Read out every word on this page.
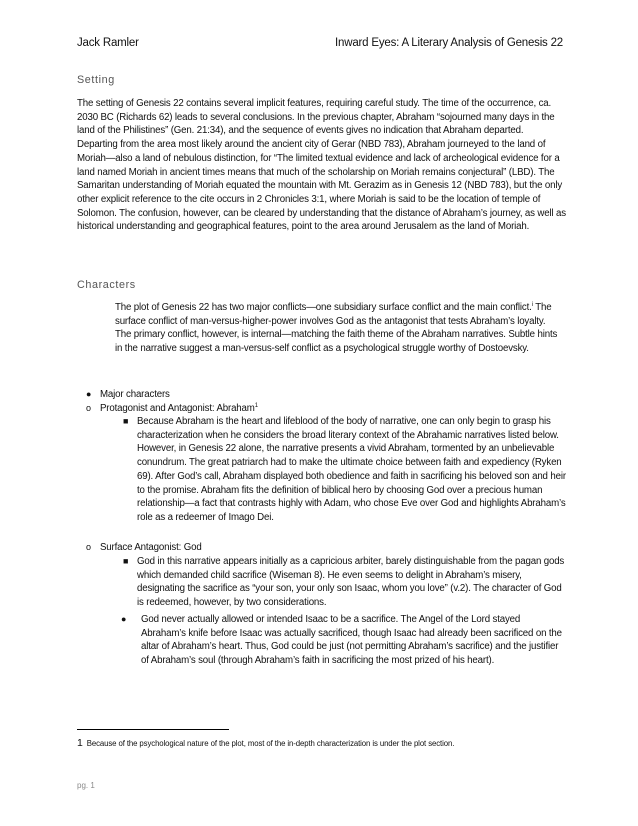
Jack Ramler	Inward Eyes: A Literary Analysis of Genesis 22
Setting
The setting of Genesis 22 contains several implicit features, requiring careful study. The time of the occurrence, ca. 2030 BC (Richards 62) leads to several conclusions. In the previous chapter, Abraham “sojourned many days in the land of the Philistines” (Gen. 21:34), and the sequence of events gives no indication that Abraham departed. Departing from the area most likely around the ancient city of Gerar (NBD 783), Abraham journeyed to the land of Moriah—also a land of nebulous distinction, for “The limited textual evidence and lack of archeological evidence for a land named Moriah in ancient times means that much of the scholarship on Moriah remains conjectural” (LBD). The Samaritan understanding of Moriah equated the mountain with Mt. Gerazim as in Genesis 12 (NBD 783), but the only other explicit reference to the cite occurs in 2 Chronicles 3:1, where Moriah is said to be the location of temple of Solomon. The confusion, however, can be cleared by understanding that the distance of Abraham’s journey, as well as historical understanding and geographical features, point to the area around Jerusalem as the land of Moriah.
Characters
The plot of Genesis 22 has two major conflicts—one subsidiary surface conflict and the main conflict.$^i$ The surface conflict of man-versus-higher-power involves God as the antagonist that tests Abraham’s loyalty. The primary conflict, however, is internal—matching the faith theme of the Abraham narratives. Subtle hints in the narrative suggest a man-versus-self conflict as a psychological struggle worthy of Dostoevsky.
● Major characters
o Protagonist and Antagonist: Abraham$^1$
■ Because Abraham is the heart and lifeblood of the body of narrative, one can only begin to grasp his characterization when he considers the broad literary context of the Abrahamic narratives listed below. However, in Genesis 22 alone, the narrative presents a vivid Abraham, tormented by an unbelievable conundrum. The great patriarch had to make the ultimate choice between faith and expediency (Ryken 69). After God’s call, Abraham displayed both obedience and faith in sacrificing his beloved son and heir to the promise. Abraham fits the definition of biblical hero by choosing God over a precious human relationship—a fact that contrasts highly with Adam, who chose Eve over God and highlights Abraham’s role as a redeemer of Imago Dei.
o Surface Antagonist: God
■ God in this narrative appears initially as a capricious arbiter, barely distinguishable from the pagan gods which demanded child sacrifice (Wiseman 8). He even seems to delight in Abraham’s misery, designating the sacrifice as “your son, your only son Isaac, whom you love” (v.2). The character of God is redeemed, however, by two considerations.
●	God never actually allowed or intended Isaac to be a sacrifice. The Angel of the Lord stayed Abraham’s knife before Isaac was actually sacrificed, though Isaac had already been sacrificed on the altar of Abraham’s heart. Thus, God could be just (not permitting Abraham’s sacrifice) and the justifier of Abraham’s soul (through Abraham’s faith in sacrificing the most prized of his heart).
1 Because of the psychological nature of the plot, most of the in-depth characterization is under the plot section.
pg. 1
